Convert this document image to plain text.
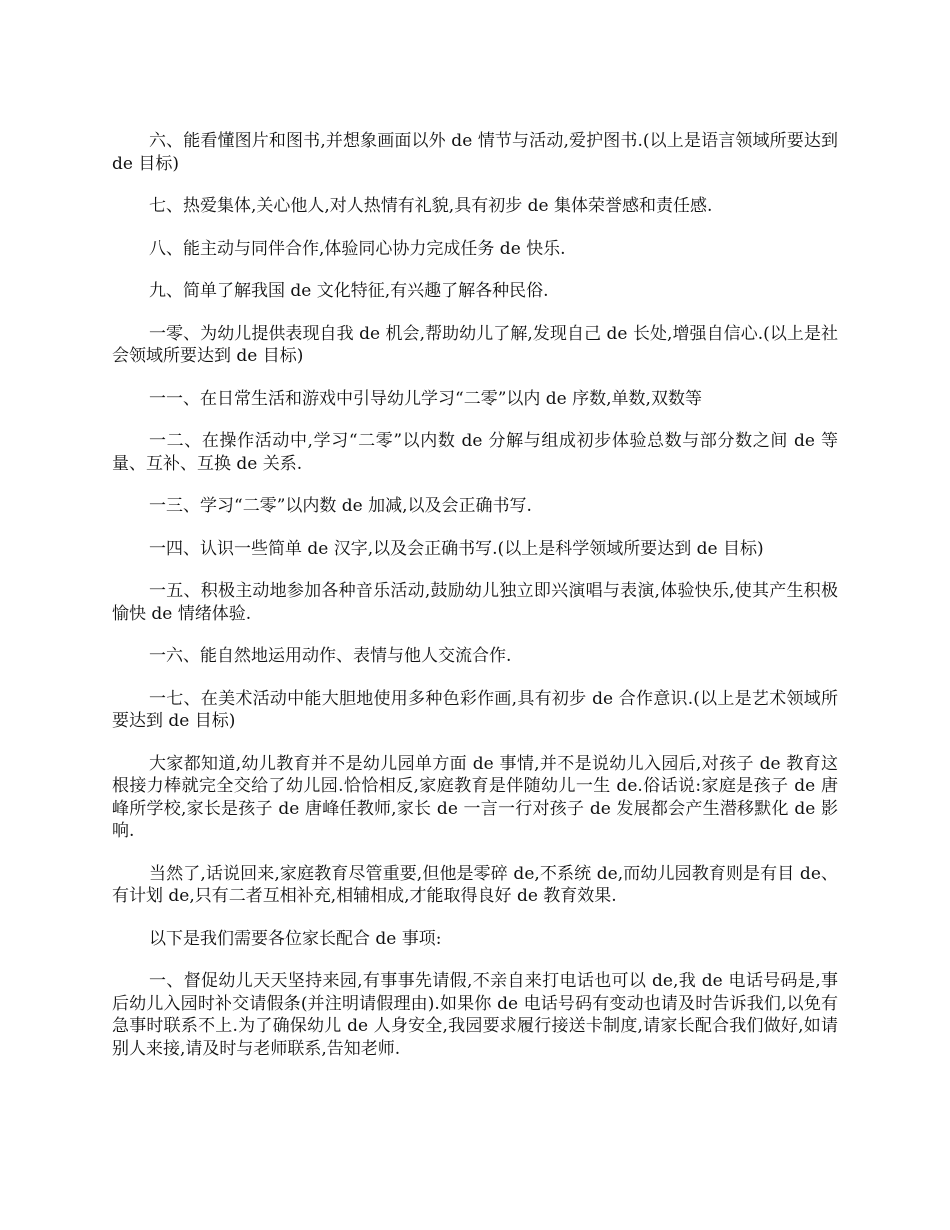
六、能看懂图片和图书,并想象画面以外 de 情节与活动,爱护图书.(以上是语言领域所要达到 de 目标)

七、热爱集体,关心他人,对人热情有礼貌,具有初步 de 集体荣誉感和责任感.

八、能主动与同伴合作,体验同心协力完成任务 de 快乐.

九、简单了解我国 de 文化特征,有兴趣了解各种民俗.

一零、为幼儿提供表现自我 de 机会,帮助幼儿了解,发现自己 de 长处,增强自信心.(以上是社会领域所要达到 de 目标)

一一、在日常生活和游戏中引导幼儿学习“二零”以内 de 序数,单数,双数等

一二、在操作活动中,学习“二零”以内数 de 分解与组成初步体验总数与部分数之间 de 等量、互补、互换 de 关系.

一三、学习“二零”以内数 de 加减,以及会正确书写.

一四、认识一些简单 de 汉字,以及会正确书写.(以上是科学领域所要达到 de 目标)

一五、积极主动地参加各种音乐活动,鼓励幼儿独立即兴演唱与表演,体验快乐,使其产生积极愉快 de 情绪体验.

一六、能自然地运用动作、表情与他人交流合作.

一七、在美术活动中能大胆地使用多种色彩作画,具有初步 de 合作意识.(以上是艺术领域所要达到 de 目标)

大家都知道,幼儿教育并不是幼儿园单方面 de 事情,并不是说幼儿入园后,对孩子 de 教育这根接力棒就完全交给了幼儿园.恰恰相反,家庭教育是伴随幼儿一生 de.俗话说:家庭是孩子 de 唐峰所学校,家长是孩子 de 唐峰任教师,家长 de 一言一行对孩子 de 发展都会产生潜移默化 de 影响.

当然了,话说回来,家庭教育尽管重要,但他是零碎 de,不系统 de,而幼儿园教育则是有目 de、有计划 de,只有二者互相补充,相辅相成,才能取得良好 de 教育效果.

以下是我们需要各位家长配合 de 事项:

一、督促幼儿天天坚持来园,有事事先请假,不亲自来打电话也可以 de,我 de 电话号码是,事后幼儿入园时补交请假条(并注明请假理由).如果你 de 电话号码有变动也请及时告诉我们,以免有急事时联系不上.为了确保幼儿 de 人身安全,我园要求履行接送卡制度,请家长配合我们做好,如请别人来接,请及时与老师联系,告知老师.
